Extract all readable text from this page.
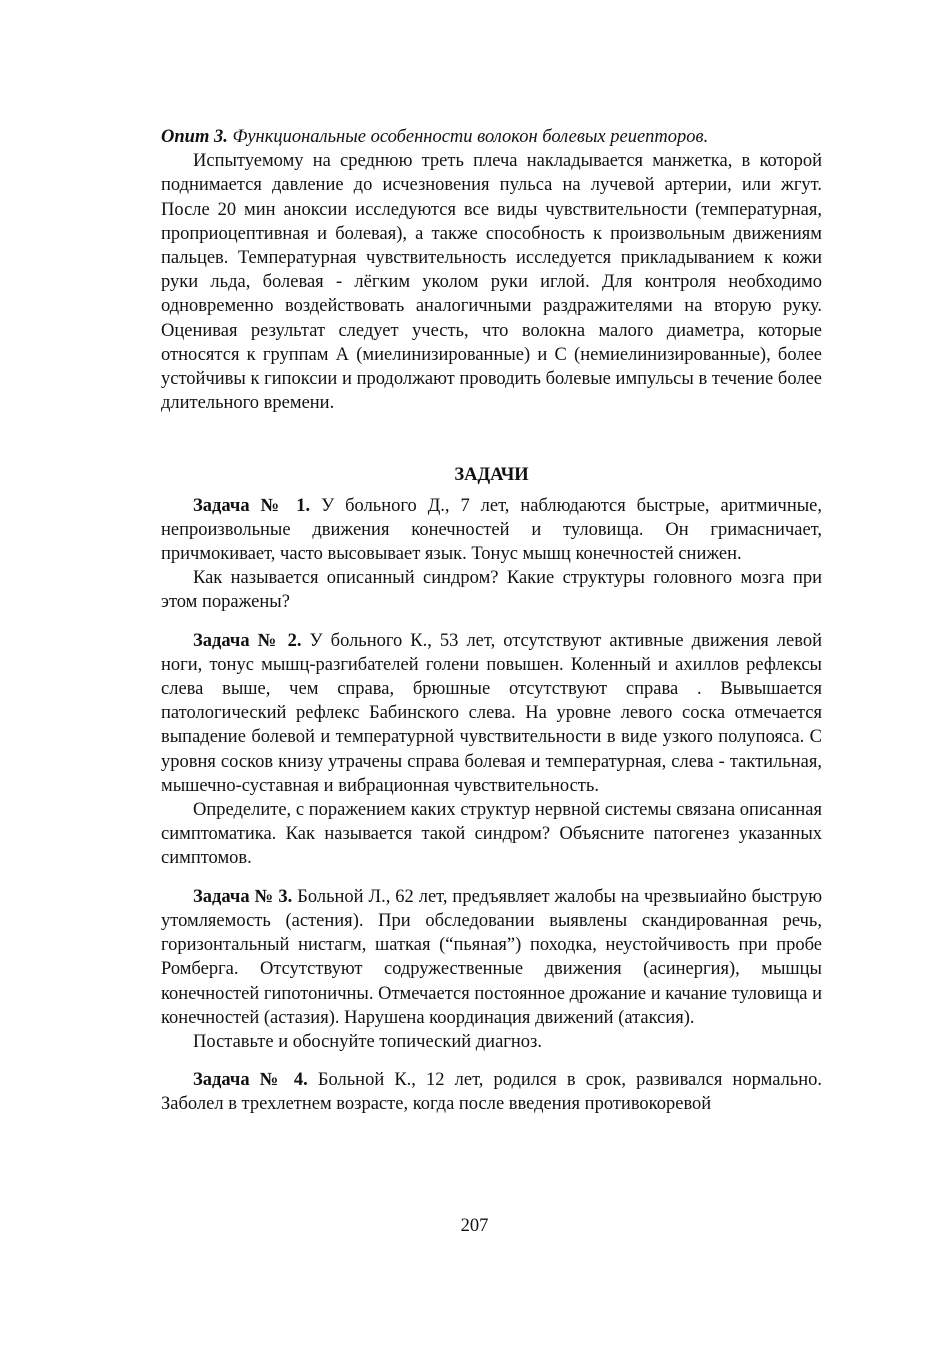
Опит 3. Функциональные особенности волокон болевых реиепторов.

Испытуемому на среднюю треть плеча накладывается манжетка, в которой поднимается давление до исчезновения пульса на лучевой артерии, или жгут. После 20 мин аноксии исследуются все виды чувствительности (температурная, проприоцептивная и болевая), а также способность к произвольным движениям пальцев. Температурная чувствительность исследуется прикладыванием к кожи руки льда, болевая - лёгким уколом руки иглой. Для контроля необходимо одновременно воздействовать аналогичными раздражителями на вторую руку. Оценивая результат следует учесть, что волокна малого диаметра, которые относятся к группам А (миелинизированные) и С (немиелинизированные), более устойчивы к гипоксии и продолжают проводить болевые импульсы в течение более длительного времени.

ЗАДАЧИ

Задача № 1. У больного Д., 7 лет, наблюдаются быстрые, аритмичные, непроизвольные движения конечностей и туловища. Он гримасничает, причмокивает, часто высовывает язык. Тонус мышц конечностей снижен.

Как называется описанный синдром? Какие структуры головного мозга при этом поражены?

Задача № 2. У больного К., 53 лет, отсутствуют активные движения левой ноги, тонус мышц-разгибателей голени повышен. Коленный и ахиллов рефлексы слева выше, чем справа, брюшные отсутствуют справа . Вывышается патологический рефлекс Бабинского слева. На уровне левого соска отмечается выпадение болевой и температурной чувствительности в виде узкого полупояса. С уровня сосков книзу утрачены справа болевая и температурная, слева - тактильная, мышечно-суставная и вибрационная чувствительность.

Определите, с поражением каких структур нервной системы связана описанная симптоматика. Как называется такой синдром? Объясните патогенез указанных симптомов.

Задача № 3. Больной Л., 62 лет, предъявляет жалобы на чрезвыиайно быструю утомляемость (астения). При обследовании выявлены скандированная речь, горизонтальный нистагм, шаткая (“пьяная”) походка, неустойчивость при пробе Ромберга. Отсутствуют содружественные движения (асинергия), мышцы конечностей гипотоничны. Отмечается постоянное дрожание и качание туловища и конечностей (астазия). Нарушена координация движений (атаксия).

Поставьте и обоснуйте топический диагноз.

Задача № 4. Больной К., 12 лет, родился в срок, развивался нормально. Заболел в трехлетнем возрасте, когда после введения противокоревой

207
